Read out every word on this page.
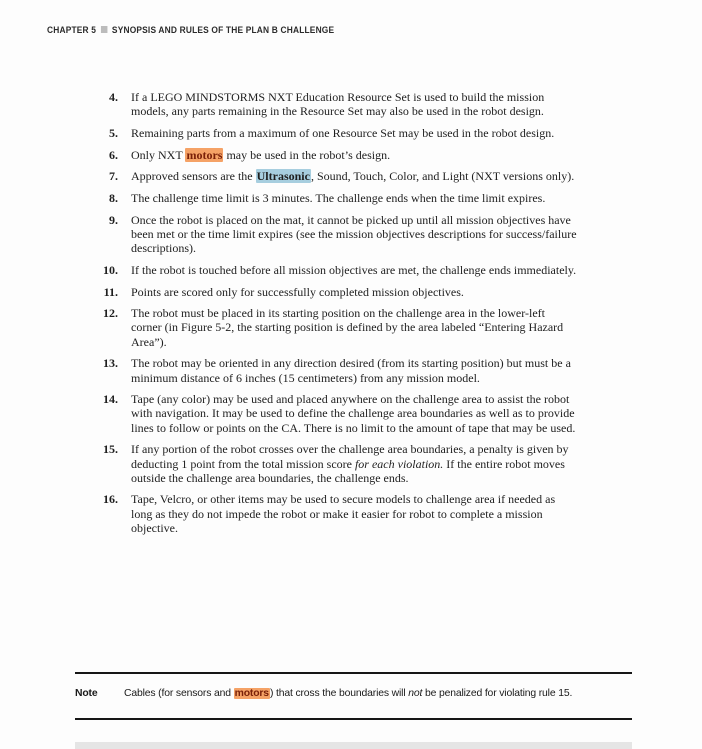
CHAPTER 5 SYNOPSIS AND RULES OF THE PLAN B CHALLENGE
4. If a LEGO MINDSTORMS NXT Education Resource Set is used to build the mission models, any parts remaining in the Resource Set may also be used in the robot design.
5. Remaining parts from a maximum of one Resource Set may be used in the robot design.
6. Only NXT motors may be used in the robot’s design.
7. Approved sensors are the Ultrasonic, Sound, Touch, Color, and Light (NXT versions only).
8. The challenge time limit is 3 minutes. The challenge ends when the time limit expires.
9. Once the robot is placed on the mat, it cannot be picked up until all mission objectives have been met or the time limit expires (see the mission objectives descriptions for success/failure descriptions).
10. If the robot is touched before all mission objectives are met, the challenge ends immediately.
11. Points are scored only for successfully completed mission objectives.
12. The robot must be placed in its starting position on the challenge area in the lower-left corner (in Figure 5-2, the starting position is defined by the area labeled “Entering Hazard Area”).
13. The robot may be oriented in any direction desired (from its starting position) but must be a minimum distance of 6 inches (15 centimeters) from any mission model.
14. Tape (any color) may be used and placed anywhere on the challenge area to assist the robot with navigation. It may be used to define the challenge area boundaries as well as to provide lines to follow or points on the CA. There is no limit to the amount of tape that may be used.
15. If any portion of the robot crosses over the challenge area boundaries, a penalty is given by deducting 1 point from the total mission score for each violation. If the entire robot moves outside the challenge area boundaries, the challenge ends.
16. Tape, Velcro, or other items may be used to secure models to challenge area if needed as long as they do not impede the robot or make it easier for robot to complete a mission objective.
Note	Cables (for sensors and motors) that cross the boundaries will not be penalized for violating rule 15.
